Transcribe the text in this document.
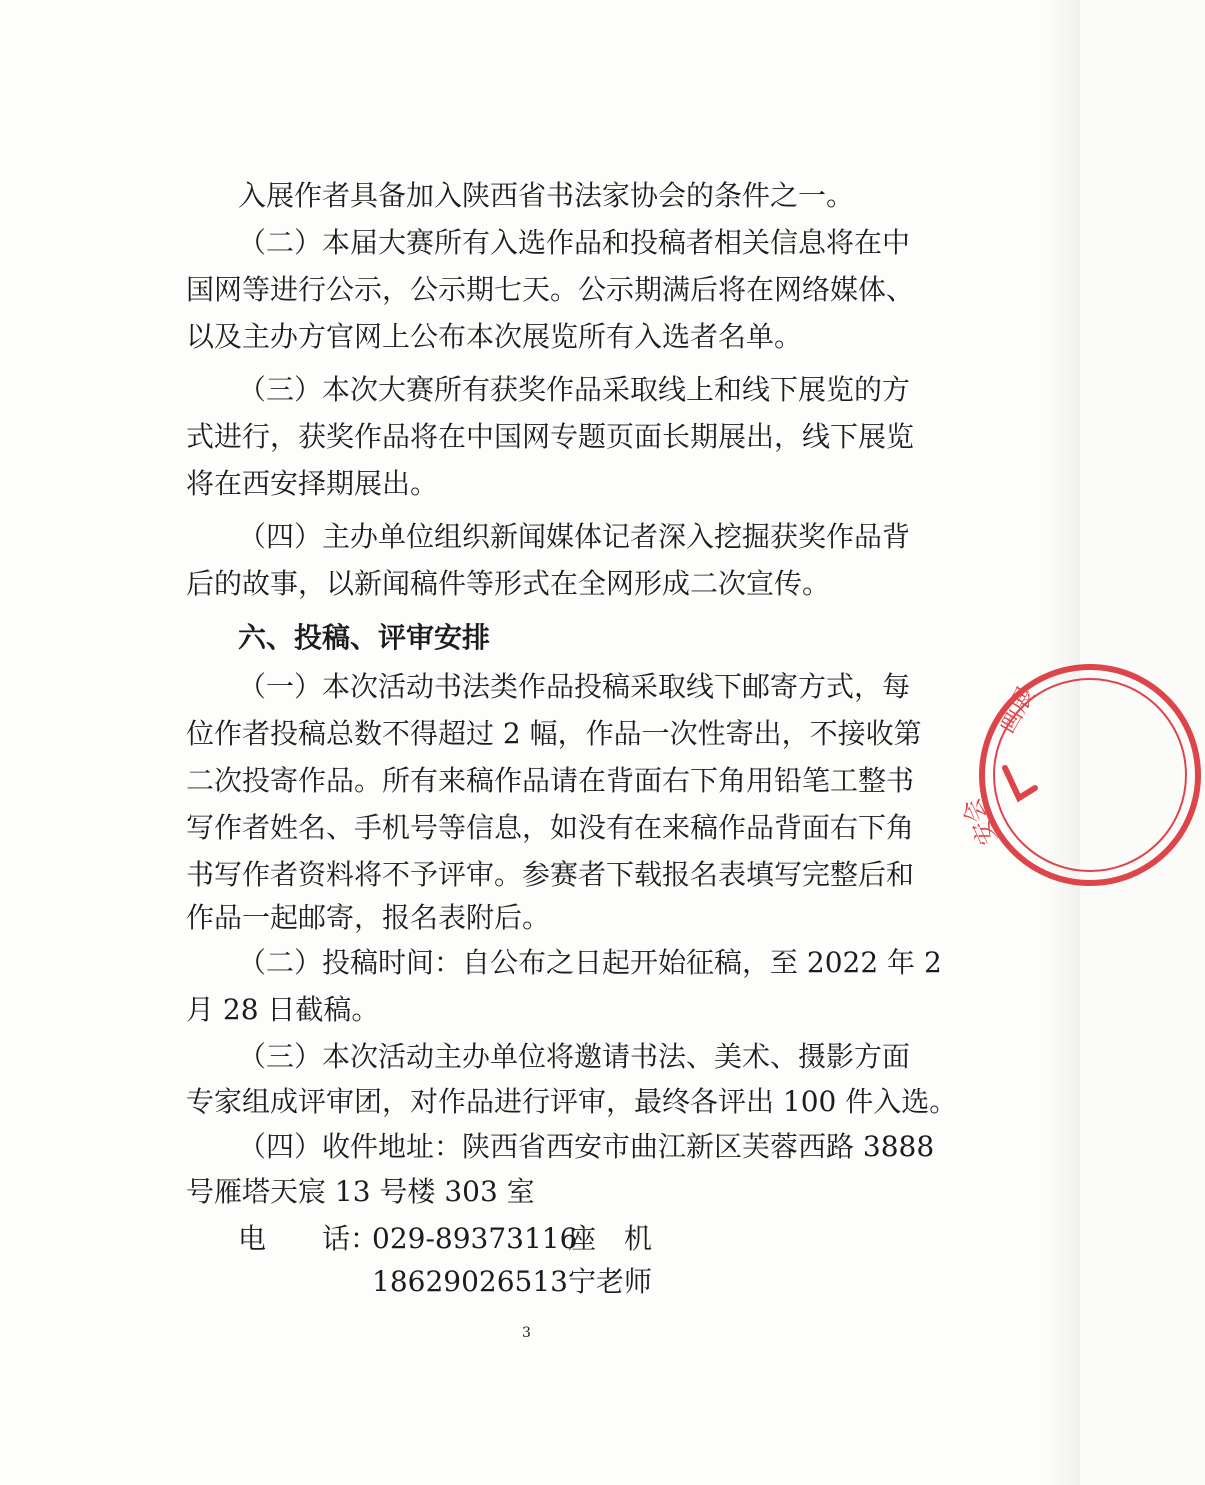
入展作者具备加入陕西省书法家协会的条件之一。
（二）本届大赛所有入选作品和投稿者相关信息将在中
国网等进行公示，公示期七天。公示期满后将在网络媒体、
以及主办方官网上公布本次展览所有入选者名单。
（三）本次大赛所有获奖作品采取线上和线下展览的方
式进行，获奖作品将在中国网专题页面长期展出，线下展览
将在西安择期展出。
（四）主办单位组织新闻媒体记者深入挖掘获奖作品背
后的故事，以新闻稿件等形式在全网形成二次宣传。
六、投稿、评审安排
（一）本次活动书法类作品投稿采取线下邮寄方式，每
位作者投稿总数不得超过 2 幅，作品一次性寄出，不接收第
二次投寄作品。所有来稿作品请在背面右下角用铅笔工整书
写作者姓名、手机号等信息，如没有在来稿作品背面右下角
书写作者资料将不予评审。参赛者下载报名表填写完整后和
作品一起邮寄，报名表附后。
（二）投稿时间：自公布之日起开始征稿，至 2022 年 2
月 28 日截稿。
（三）本次活动主办单位将邀请书法、美术、摄影方面
专家组成评审团，对作品进行评审，最终各评出 100 件入选。
（四）收件地址：陕西省西安市曲江新区芙蓉西路 3888
号雁塔天宸 13 号楼 303 室
电　　话：
029-89373116
座　机
18629026513 宁老师
3
画展
安会
